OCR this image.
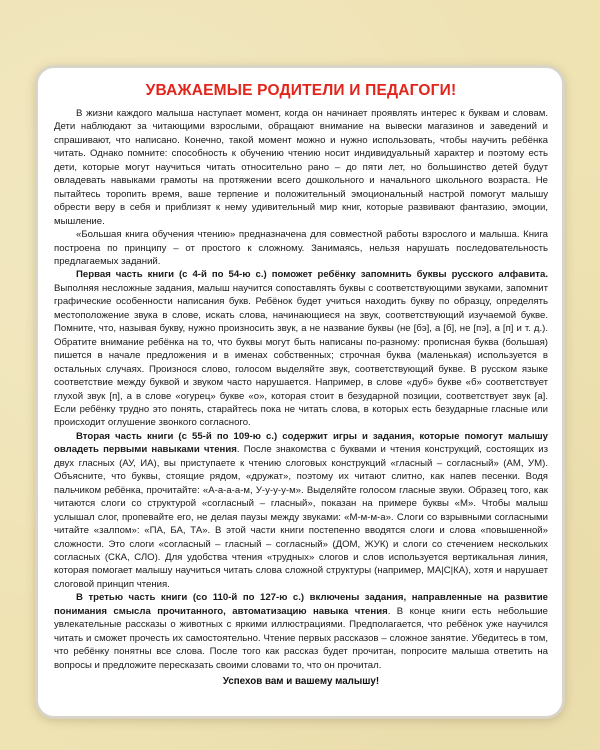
УВАЖАЕМЫЕ РОДИТЕЛИ И ПЕДАГОГИ!

В жизни каждого малыша наступает момент, когда он начинает проявлять интерес к буквам и словам. Дети наблюдают за читающими взрослыми, обращают внимание на вывески магазинов и заведений и спрашивают, что написано. Конечно, такой момент можно и нужно использовать, чтобы научить ребёнка читать. Однако помните: способность к обучению чтению носит индивидуальный характер и поэтому есть дети, которые могут научиться читать относительно рано – до пяти лет, но большинство детей будут овладевать навыками грамоты на протяжении всего дошкольного и начального школьного возраста. Не пытайтесь торопить время, ваше терпение и положительный эмоциональный настрой помогут малышу обрести веру в себя и приблизят к нему удивительный мир книг, которые развивают фантазию, эмоции, мышление.

«Большая книга обучения чтению» предназначена для совместной работы взрослого и малыша. Книга построена по принципу – от простого к сложному. Занимаясь, нельзя нарушать последовательность предлагаемых заданий.

Первая часть книги (с 4-й по 54-ю с.) поможет ребёнку запомнить буквы русского алфавита. Выполняя несложные задания, малыш научится сопоставлять буквы с соответствующими звуками, запомнит графические особенности написания букв. Ребёнок будет учиться находить букву по образцу, определять местоположение звука в слове, искать слова, начинающиеся на звук, соответствующий изучаемой букве. Помните, что, называя букву, нужно произносить звук, а не название буквы (не [бэ], а [б], не [пэ], а [п] и т. д.). Обратите внимание ребёнка на то, что буквы могут быть написаны по-разному: прописная буква (большая) пишется в начале предложения и в именах собственных; строчная буква (маленькая) используется в остальных случаях. Произнося слово, голосом выделяйте звук, соответствующий букве. В русском языке соответствие между буквой и звуком часто нарушается. Например, в слове «дуб» букве «б» соответствует глухой звук [п], а в слове «огурец» букве «о», которая стоит в безударной позиции, соответствует звук [а]. Если ребёнку трудно это понять, старайтесь пока не читать слова, в которых есть безударные гласные или происходит оглушение звонкого согласного.

Вторая часть книги (с 55-й по 109-ю с.) содержит игры и задания, которые помогут малышу овладеть первыми навыками чтения. После знакомства с буквами и чтения конструкций, состоящих из двух гласных (АУ, ИА), вы приступаете к чтению слоговых конструкций «гласный – согласный» (АМ, УМ). Объясните, что буквы, стоящие рядом, «дружат», поэтому их читают слитно, как напев песенки. Водя пальчиком ребёнка, прочитайте: «А-а-а-а-м, У-у-у-у-м». Выделяйте голосом гласные звуки. Образец того, как читаются слоги со структурой «согласный – гласный», показан на примере буквы «М». Чтобы малыш услышал слог, пропевайте его, не делая паузы между звуками: «М-м-м-а». Слоги со взрывными согласными читайте «залпом»: «ПА, БА, ТА». В этой части книги постепенно вводятся слоги и слова «повышенной» сложности. Это слоги «согласный – гласный – согласный» (ДОМ, ЖУК) и слоги со стечением нескольких согласных (СКА, СЛО). Для удобства чтения «трудных» слогов и слов используется вертикальная линия, которая помогает малышу научиться читать слова сложной структуры (например, МА|С|КА), хотя и нарушает слоговой принцип чтения.

В третью часть книги (со 110-й по 127-ю с.) включены задания, направленные на развитие понимания смысла прочитанного, автоматизацию навыка чтения. В конце книги есть небольшие увлекательные рассказы о животных с яркими иллюстрациями. Предполагается, что ребёнок уже научился читать и сможет прочесть их самостоятельно. Чтение первых рассказов – сложное занятие. Убедитесь в том, что ребёнку понятны все слова. После того как рассказ будет прочитан, попросите малыша ответить на вопросы и предложите пересказать своими словами то, что он прочитал.

Успехов вам и вашему малышу!
